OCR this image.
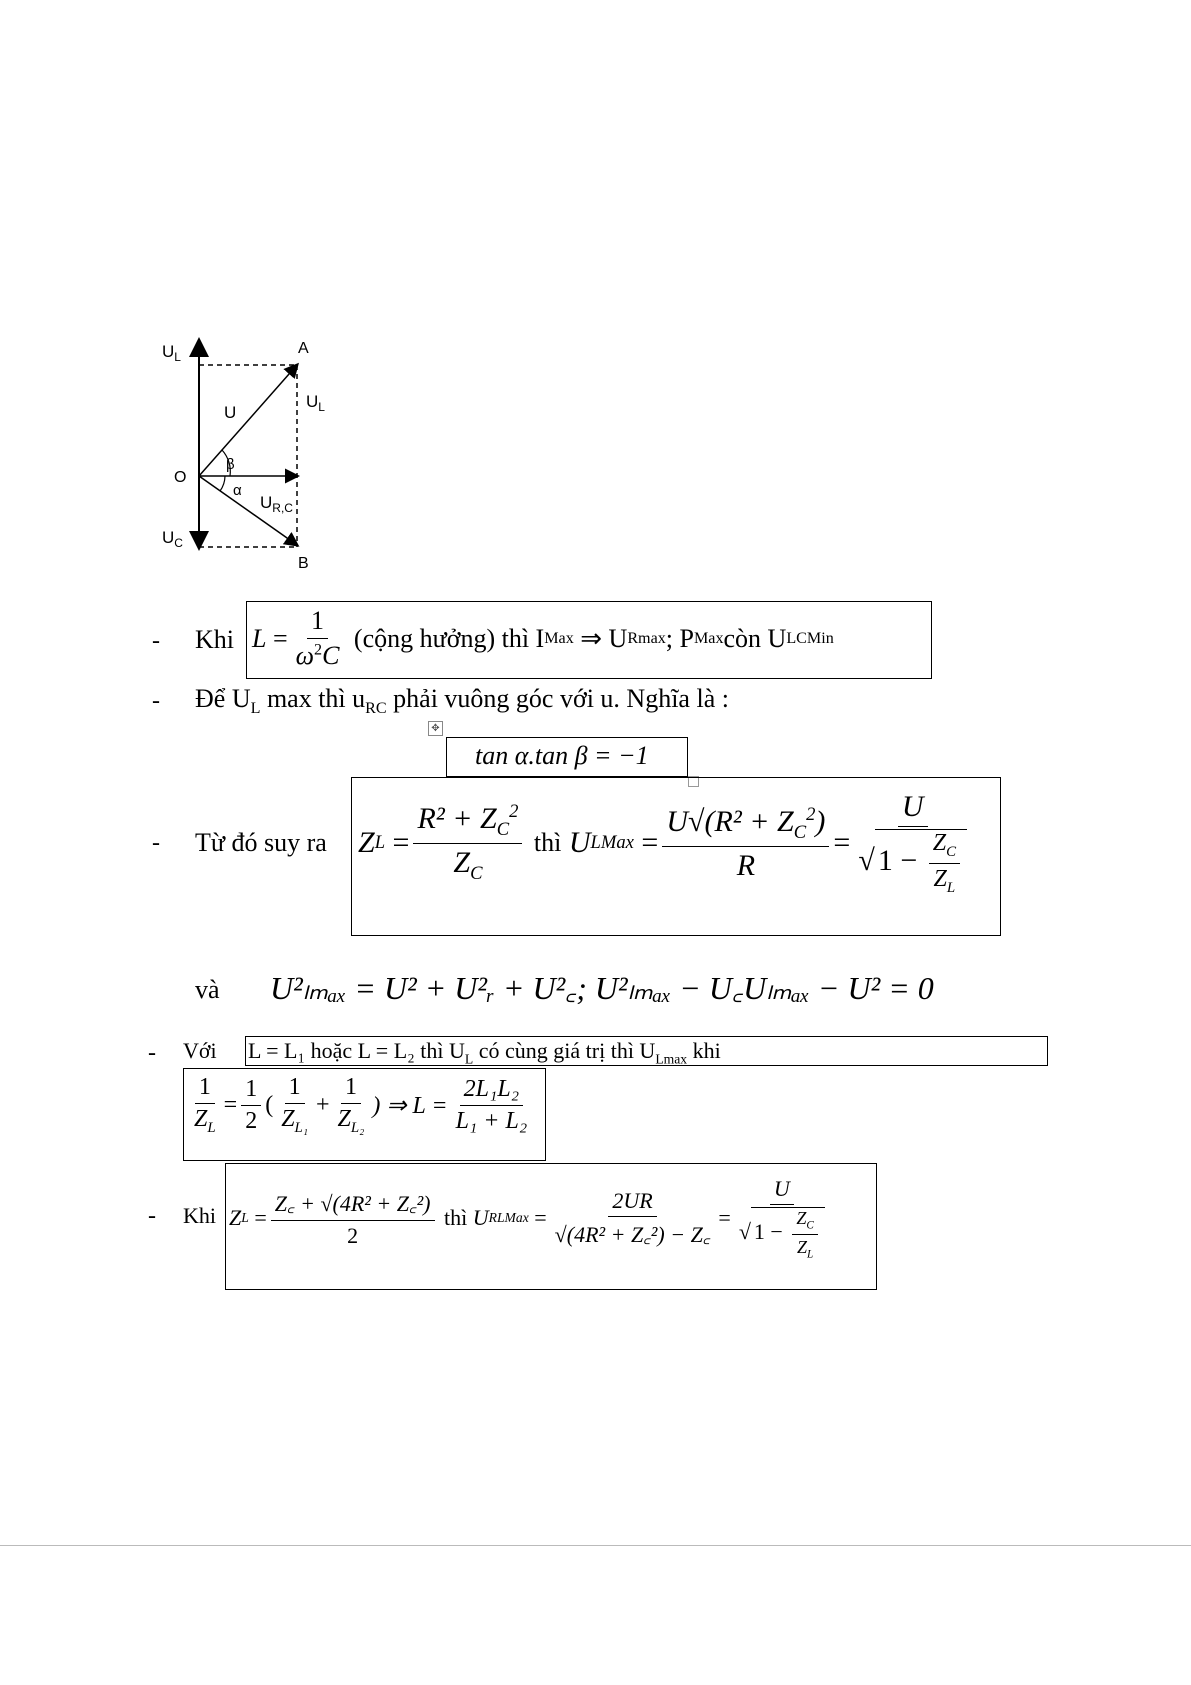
$U_L$	A
U
$U_L$
O
β
α
$U_{R,C}$
$U_C$
B
- Khi L
= $\frac{1}{\omega^2C}$
(cộng hưởng) thì I Max
⇒ U Rmax ; P Max còn U LCMin
- Để $U_L$ max thì $u_{RC}$ phải vuông góc với u. Nghĩa là :
✥
tan α.tan β = −1
- Từ đó suy ra Z $L = \frac{R^2 + Z_C^2}{Z_C}$
thì
U LMax = $\frac{U√(R^2 + Z_C^2)}{R} = \frac{U}{√ 1 - \frac{Z_C}{Z_L}}$
và U²ₗₘₐₓ = U² + U²ᵣ + U²꜀; U²ₗₘₐₓ − U꜀Uₗₘₐₓ − U² = 0
- Với L = L₁ hoặc L = L₂ thì $U_L$ có cùng giá trị thì $U_{Lmax}$ khi
$\frac{1}{Z_L} = \frac{1}{2}$ ( $\frac{1}{Z_{L_1}} + \frac{1}{Z_{L_2}}$ ) ⇒ $L = \frac{\text{2L₁L₂}}{\text{L₁ + L₂}}$
- Khi Z $L = \frac{\text{Z꜀ + √(4R² + Z꜀²)}}{2}$
thì
U RLMax = $\frac{2UR}{\text{√(4R² + Z꜀²) − Z꜀}} = \frac{U}{√ 1 - \frac{Z_C}{Z_L}}$
